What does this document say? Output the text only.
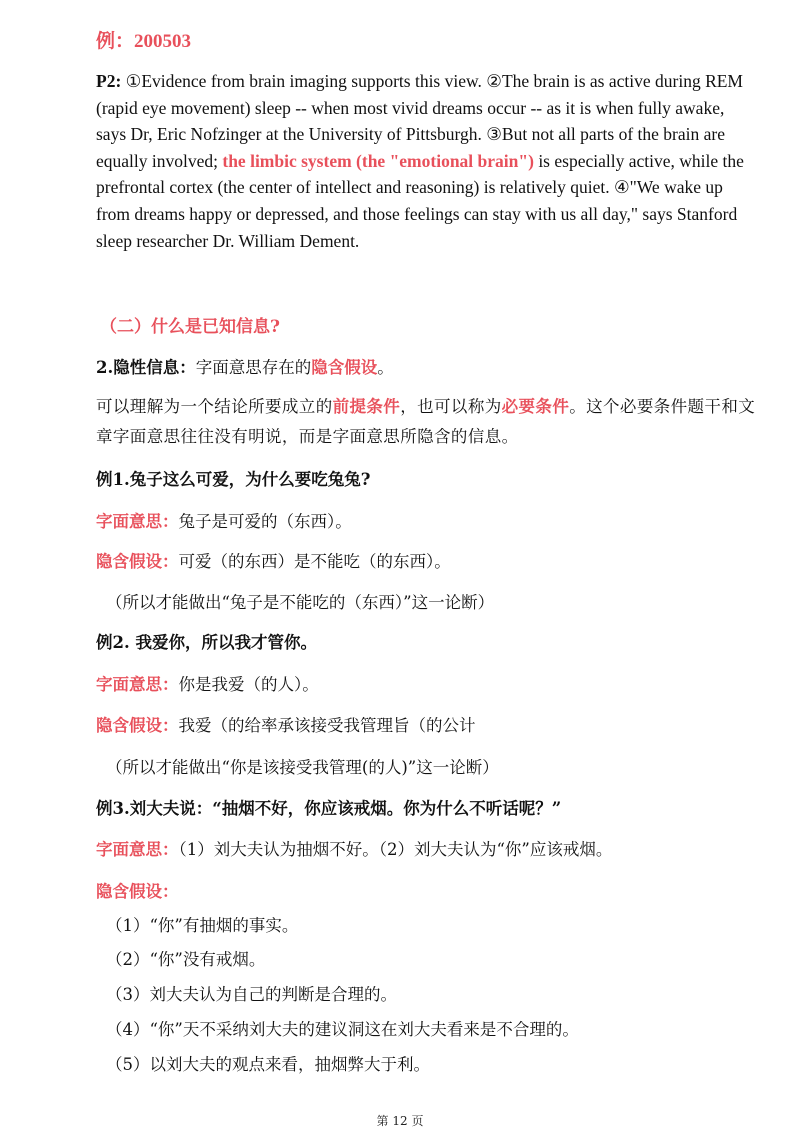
例：200503
P2: ①Evidence from brain imaging supports this view. ②The brain is as active during REM (rapid eye movement) sleep -- when most vivid dreams occur -- as it is when fully awake, says Dr, Eric Nofzinger at the University of Pittsburgh. ③But not all parts of the brain are equally involved; the limbic system (the "emotional brain") is especially active, while the prefrontal cortex (the center of intellect and reasoning) is relatively quiet. ④"We wake up from dreams happy or depressed, and those feelings can stay with us all day," says Stanford sleep researcher Dr. William Dement.
（二）什么是已知信息?
2.隐性信息：字面意思存在的隐含假设。
可以理解为一个结论所要成立的前提条件，也可以称为必要条件。这个必要条件题干和文章字面意思往往没有明说，而是字面意思所隐含的信息。
例1.兔子这么可爱，为什么要吃兔兔?
字面意思：兔子是可爱的（东西）。
隐含假设：可爱（的东西）是不能吃（的东西）。
（所以才能做出“兔子是不能吃的（东西）”这一论断）
例2. 我爱你，所以我才管你。
字面意思：你是我爱（的人）。
隐含假设：我爱（的给率承该接受我管理旨（的公计
（所以才能做出“你是该接受我管理(的人)”这一论断）
例3.刘大夫说：“抽烟不好，你应该戒烟。你为什么不听话呢？”
字面意思：（1）刘大夫认为抽烟不好。（2）刘大夫认为“你”应该戒烟。
隐含假设：
（1）“你”有抽烟的事实。
（2）“你”没有戒烟。
（3）刘大夫认为自己的判断是合理的。
（4）“你”天不采纳刘大夫的建议洞这在刘大夫看来是不合理的。
（5）以刘大夫的观点来看，抽烟弊大于利。
第 12 页
